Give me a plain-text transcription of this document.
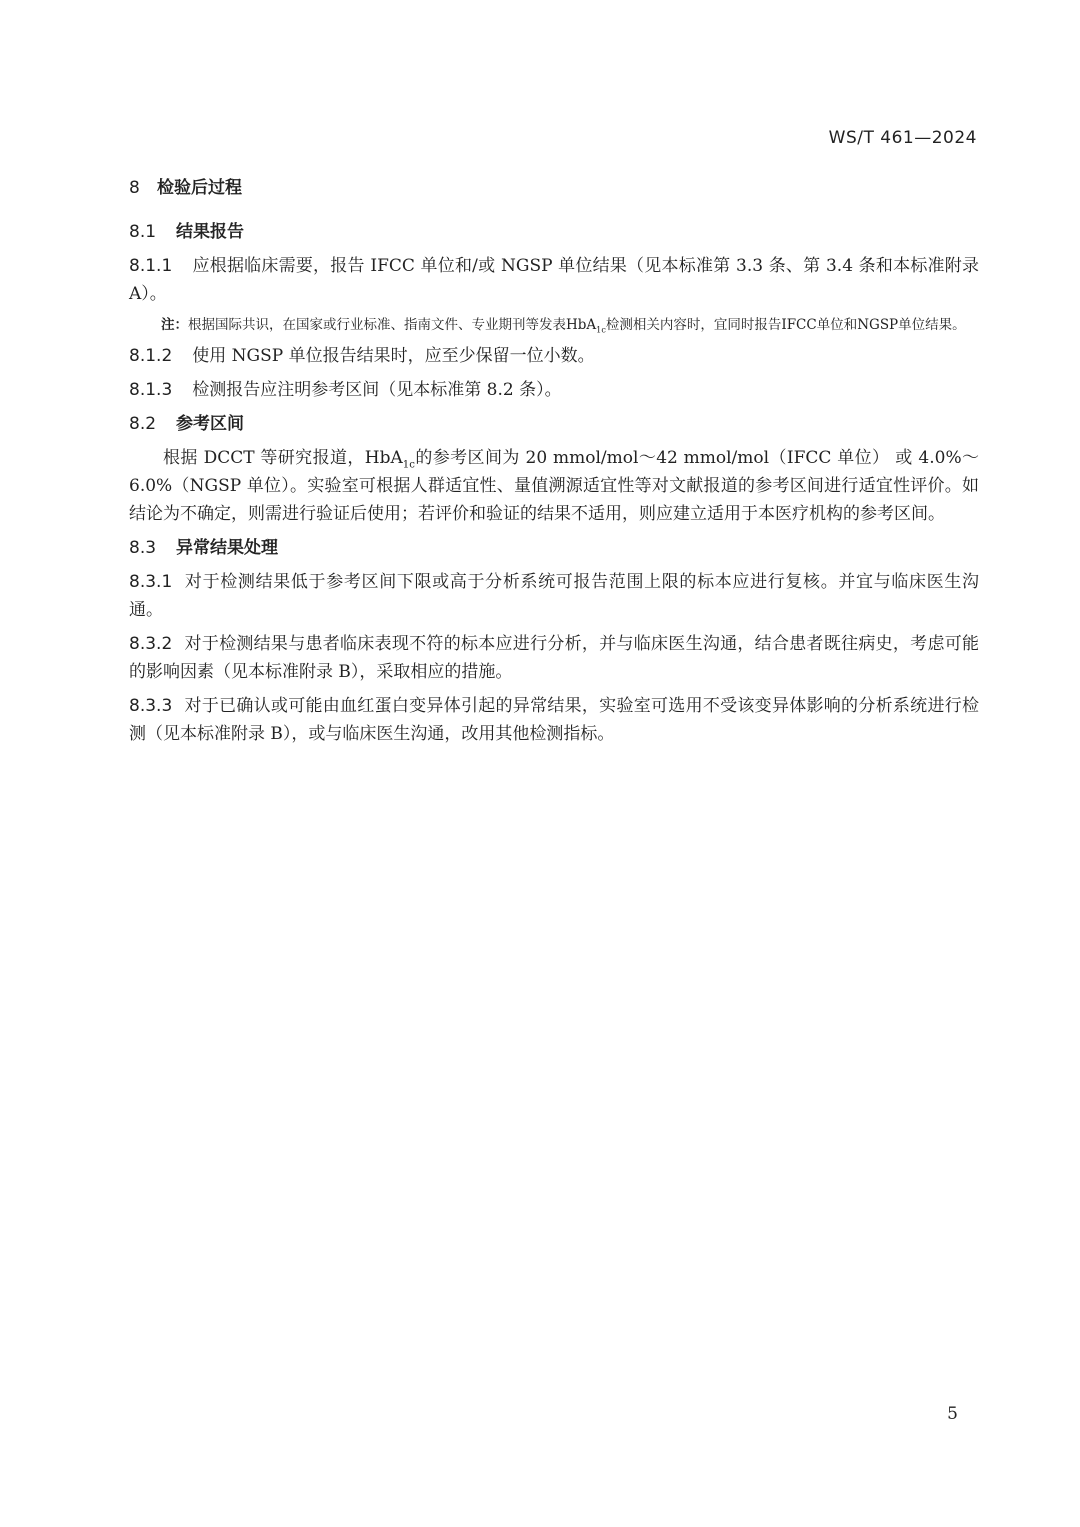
WS/T 461—2024
8 检验后过程
8.1 结果报告

8.1.1 应根据临床需要，报告 IFCC 单位和/或 NGSP 单位结果（见本标准第 3.3 条、第 3.4 条和本标准附录 A）。

注：根据国际共识，在国家或行业标准、指南文件、专业期刊等发表HbA$_{1c}$检测相关内容时，宜同时报告IFCC单位和NGSP单位结果。

8.1.2 使用 NGSP 单位报告结果时，应至少保留一位小数。

8.1.3 检测报告应注明参考区间（见本标准第 8.2 条）。

8.2 参考区间

根据 DCCT 等研究报道，HbA$_{1c}$的参考区间为 20 mmol/mol～42 mmol/mol（IFCC 单位） 或 4.0%～6.0%（NGSP 单位）。实验室可根据人群适宜性、量值溯源适宜性等对文献报道的参考区间进行适宜性评价。如结论为不确定，则需进行验证后使用；若评价和验证的结果不适用，则应建立适用于本医疗机构的参考区间。

8.3 异常结果处理

8.3.1 对于检测结果低于参考区间下限或高于分析系统可报告范围上限的标本应进行复核。并宜与临床医生沟通。

8.3.2 对于检测结果与患者临床表现不符的标本应进行分析，并与临床医生沟通，结合患者既往病史，考虑可能的影响因素（见本标准附录 B），采取相应的措施。

8.3.3 对于已确认或可能由血红蛋白变异体引起的异常结果，实验室可选用不受该变异体影响的分析系统进行检测（见本标准附录 B），或与临床医生沟通，改用其他检测指标。

5
